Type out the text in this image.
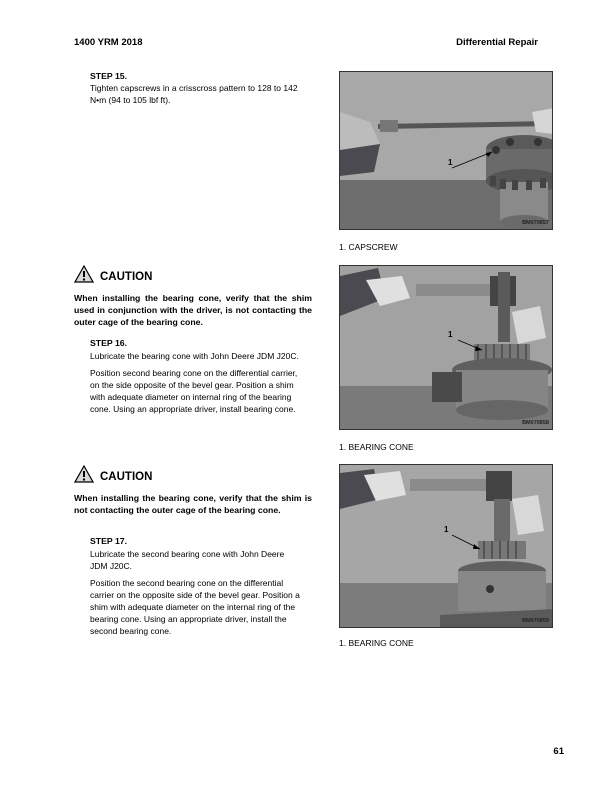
1400 YRM 2018	Differential Repair
STEP 15.
Tighten capscrews in a crisscross pattern to 128 to 142 N•m (94 to 105 lbf ft).
CAUTION
When installing the bearing cone, verify that the shim used in conjunction with the driver, is not contacting the outer cage of the bearing cone.
STEP 16.
Lubricate the bearing cone with John Deere JDM J20C.
Position second bearing cone on the differential carrier, on the side opposite of the bevel gear. Position a shim with adequate diameter on internal ring of the bearing cone. Using an appropriate driver, install bearing cone.
CAUTION
When installing the bearing cone, verify that the shim is not contacting the outer cage of the bearing cone.
STEP 17.
Lubricate the second bearing cone with John Deere JDM J20C.
Position the second bearing cone on the differential carrier on the opposite side of the bevel gear. Position a shim with adequate diameter on the internal ring of the bearing cone. Using an appropriate driver, install the second bearing cone.
1
BM070857
1. CAPSCREW
1
BM070858
1. BEARING CONE
1
BM070859
1. BEARING CONE
61
